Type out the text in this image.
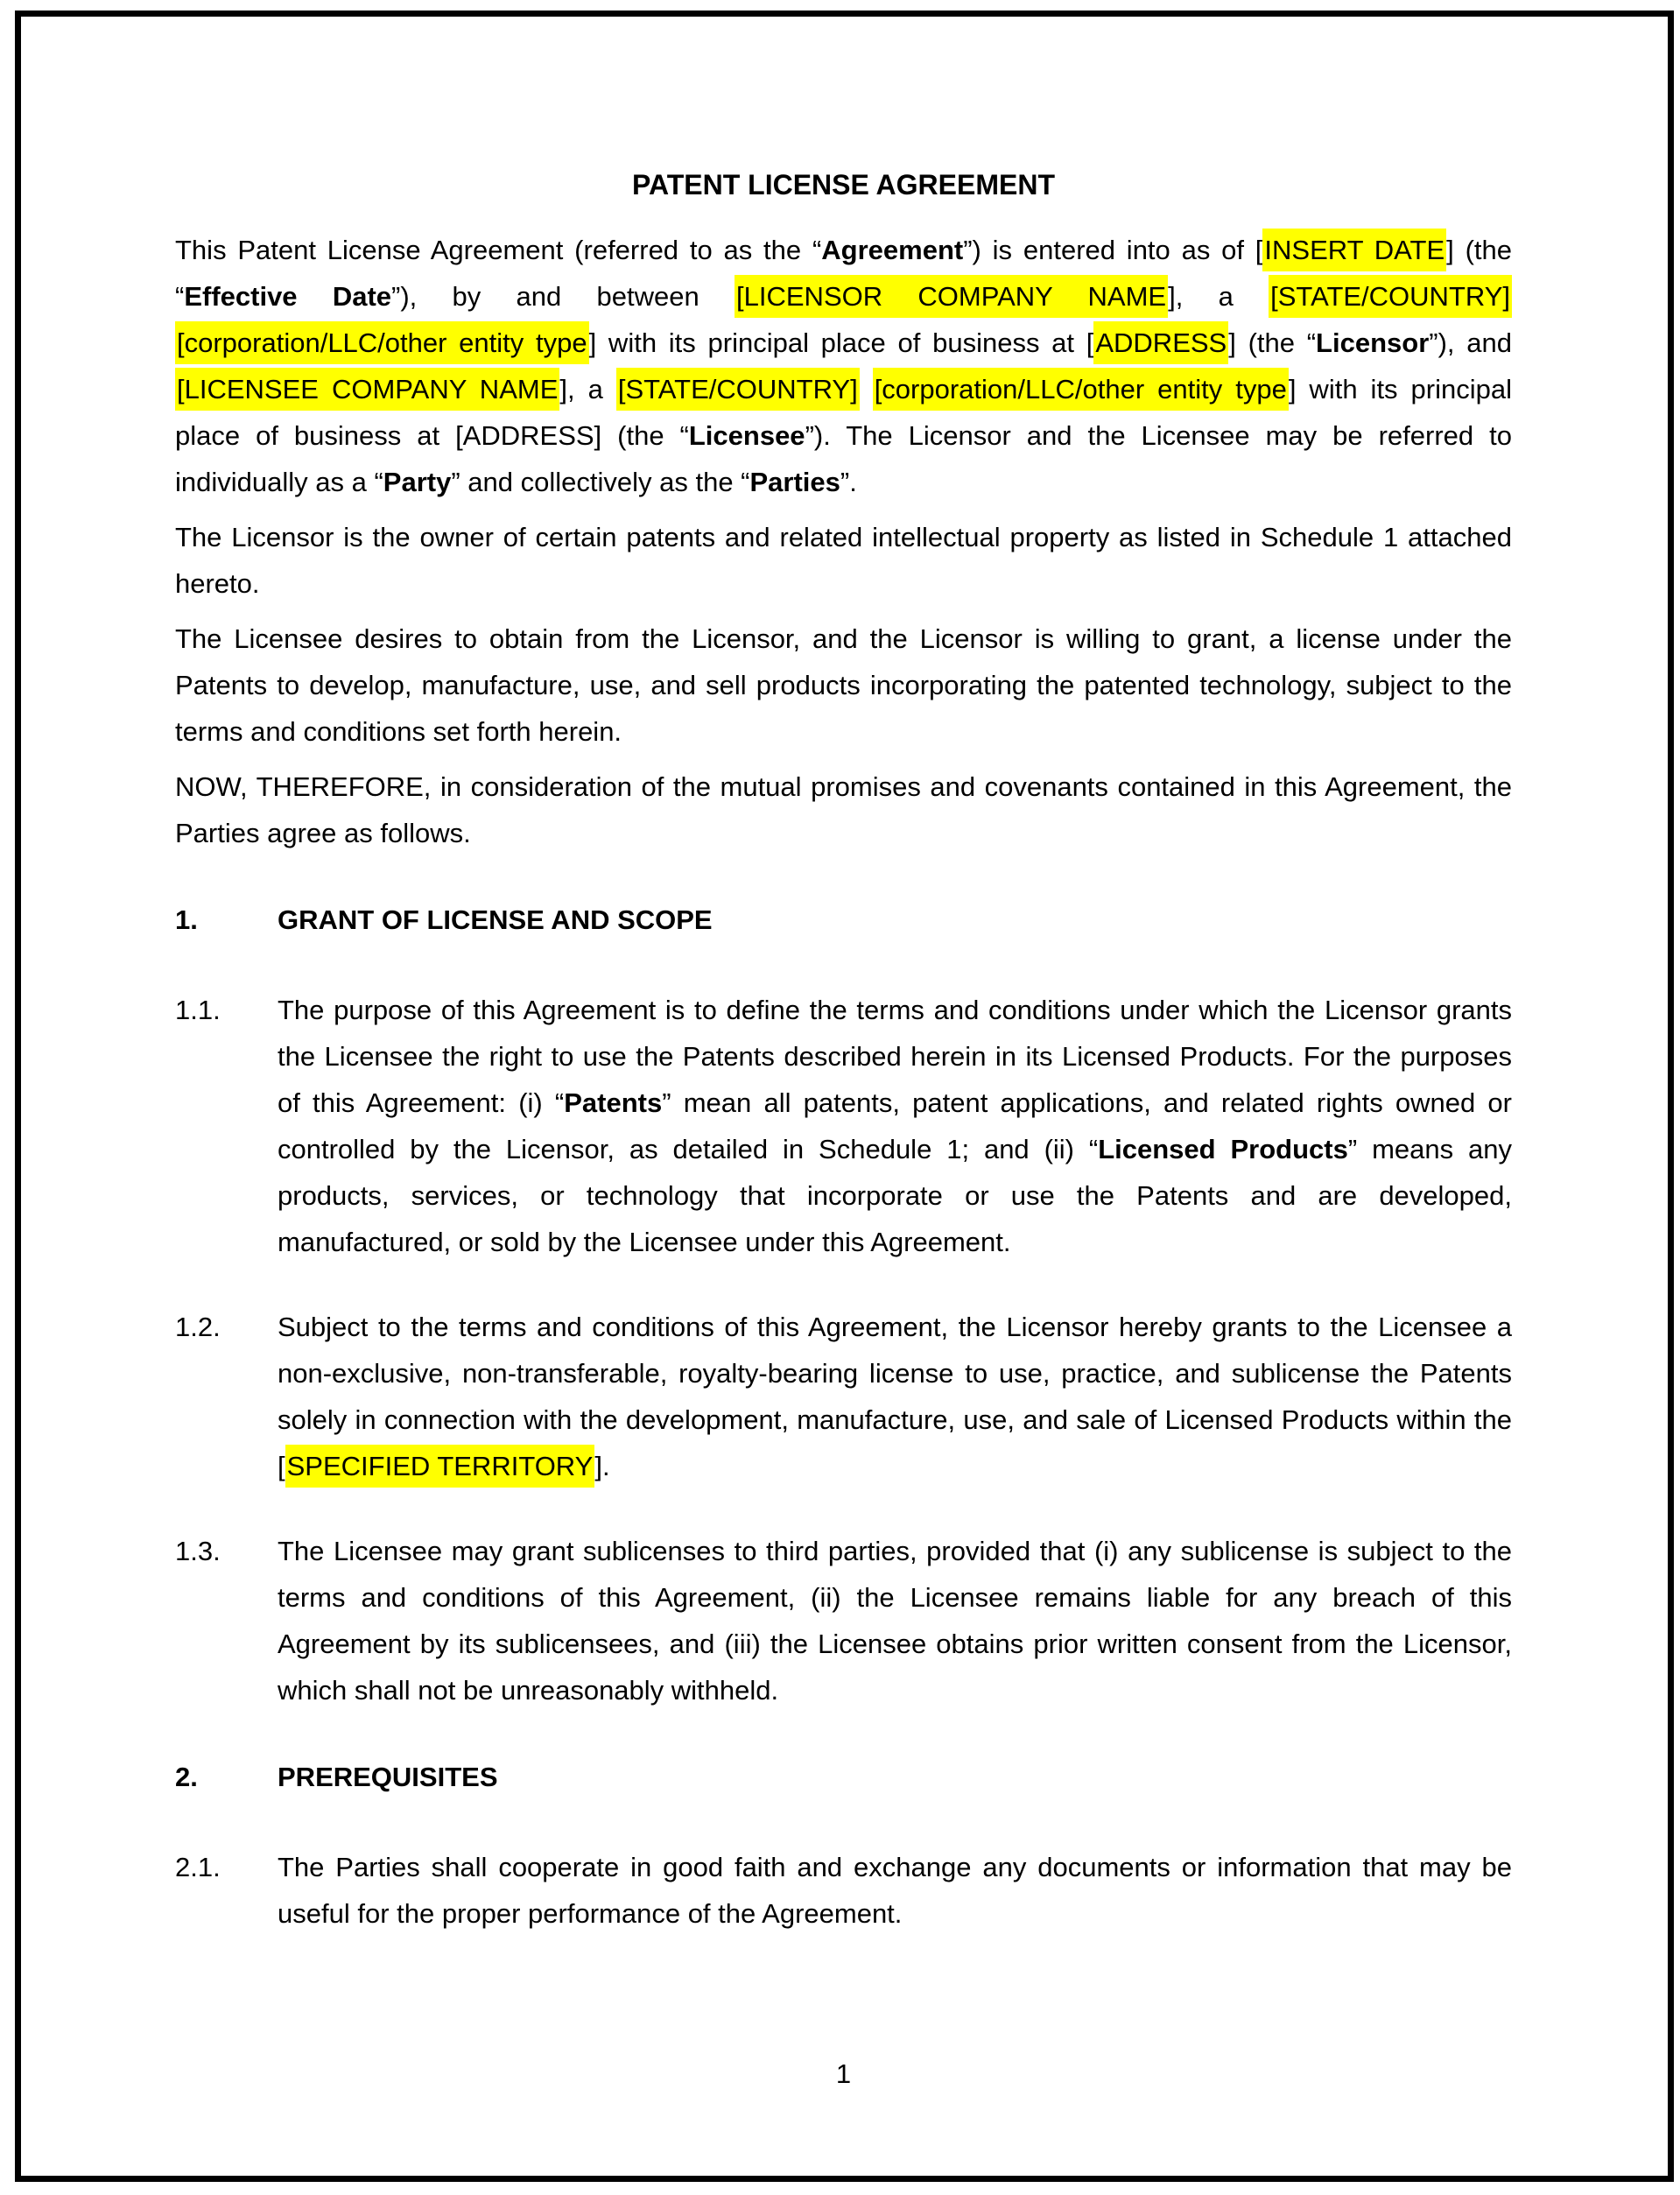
PATENT LICENSE AGREEMENT
This Patent License Agreement (referred to as the “Agreement”) is entered into as of [INSERT DATE] (the “Effective Date”), by and between [LICENSOR COMPANY NAME], a [STATE/COUNTRY] [corporation/LLC/other entity type] with its principal place of business at [ADDRESS] (the “Licensor”), and [LICENSEE COMPANY NAME], a [STATE/COUNTRY] [corporation/LLC/other entity type] with its principal place of business at [ADDRESS] (the “Licensee”). The Licensor and the Licensee may be referred to individually as a “Party” and collectively as the “Parties”.
The Licensor is the owner of certain patents and related intellectual property as listed in Schedule 1 attached hereto.
The Licensee desires to obtain from the Licensor, and the Licensor is willing to grant, a license under the Patents to develop, manufacture, use, and sell products incorporating the patented technology, subject to the terms and conditions set forth herein.
NOW, THEREFORE, in consideration of the mutual promises and covenants contained in this Agreement, the Parties agree as follows.
1.	GRANT OF LICENSE AND SCOPE
1.1.	The purpose of this Agreement is to define the terms and conditions under which the Licensor grants the Licensee the right to use the Patents described herein in its Licensed Products. For the purposes of this Agreement: (i) “Patents” mean all patents, patent applications, and related rights owned or controlled by the Licensor, as detailed in Schedule 1; and (ii) “Licensed Products” means any products, services, or technology that incorporate or use the Patents and are developed, manufactured, or sold by the Licensee under this Agreement.
1.2.	Subject to the terms and conditions of this Agreement, the Licensor hereby grants to the Licensee a non-exclusive, non-transferable, royalty-bearing license to use, practice, and sublicense the Patents solely in connection with the development, manufacture, use, and sale of Licensed Products within the [SPECIFIED TERRITORY].
1.3.	The Licensee may grant sublicenses to third parties, provided that (i) any sublicense is subject to the terms and conditions of this Agreement, (ii) the Licensee remains liable for any breach of this Agreement by its sublicensees, and (iii) the Licensee obtains prior written consent from the Licensor, which shall not be unreasonably withheld.
2.	PREREQUISITES
2.1.	The Parties shall cooperate in good faith and exchange any documents or information that may be useful for the proper performance of the Agreement.
1
